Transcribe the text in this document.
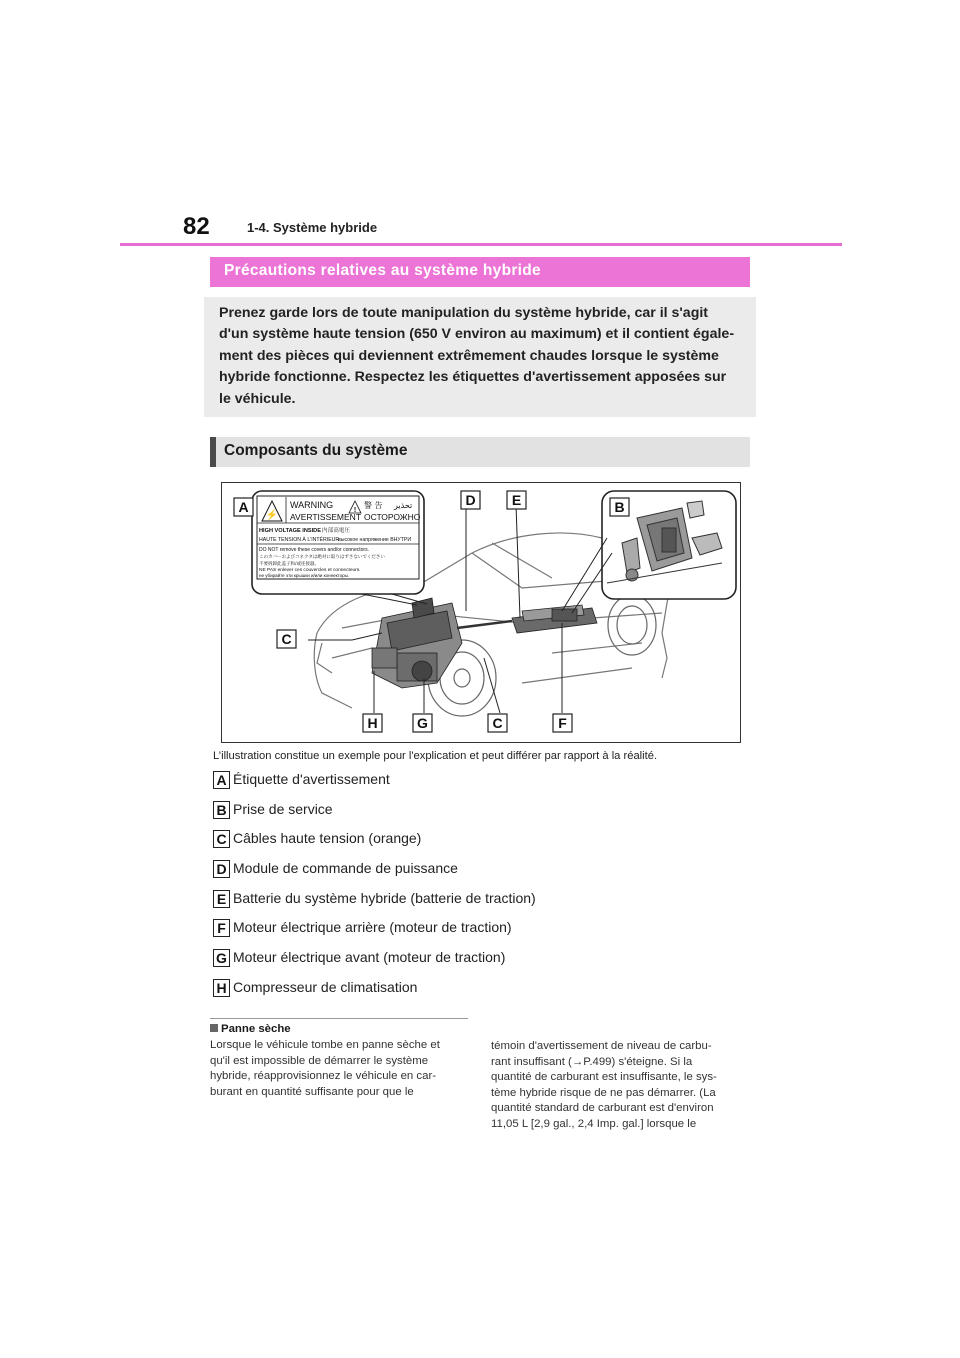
82	1-4. Système hybride
Précautions relatives au système hybride

Prenez garde lors de toute manipulation du système hybride, car il s'agit

d'un système haute tension (650 V environ au maximum) et il contient égale-

ment des pièces qui deviennent extrêmement chaudes lorsque le système

hybride fonctionne. Respectez les étiquettes d'avertissement apposées sur

le véhicule.

Composants du système
⚡	!
WARNING	警 告 تحذير
AVERTISSEMENT ОСТОРОЖНО
HIGH VOLTAGE INSIDE 内部高電圧
HAUTE TENSION À L'INTÉRIEUR
высокое напряжение ВНУТРИ
DO NOT remove these covers and/or connectors.
このカバーおよびコネクタは絶対に取りはずさないでください
不要拆卸此盖子和/或连接器。
NE PAS enlever ces couvercles et connecteurs.
не убирайте эти крышки и/или коннекторы.
A	B
C
D	E
H	G	C	F
L’illustration constitue un exemple pour l'explication et peut différer par rapport à la réalité.
A Étiquette d'avertissement
B Prise de service
C Câbles haute tension (orange)
D Module de commande de puissance
E Batterie du système hybride (batterie de traction)
F Moteur électrique arrière (moteur de traction)
G Moteur électrique avant (moteur de traction)
H Compresseur de climatisation
Panne sèche
Lorsque le véhicule tombe en panne sèche et
qu'il est impossible de démarrer le système
hybride, réapprovisionnez le véhicule en car-
burant en quantité suffisante pour que le
témoin d'avertissement de niveau de carbu-
rant insuffisant (→P.499) s'éteigne. Si la
quantité de carburant est insuffisante, le sys-
tème hybride risque de ne pas démarrer. (La
quantité standard de carburant est d'environ
11,05 L [2,9 gal., 2,4 Imp. gal.] lorsque le
